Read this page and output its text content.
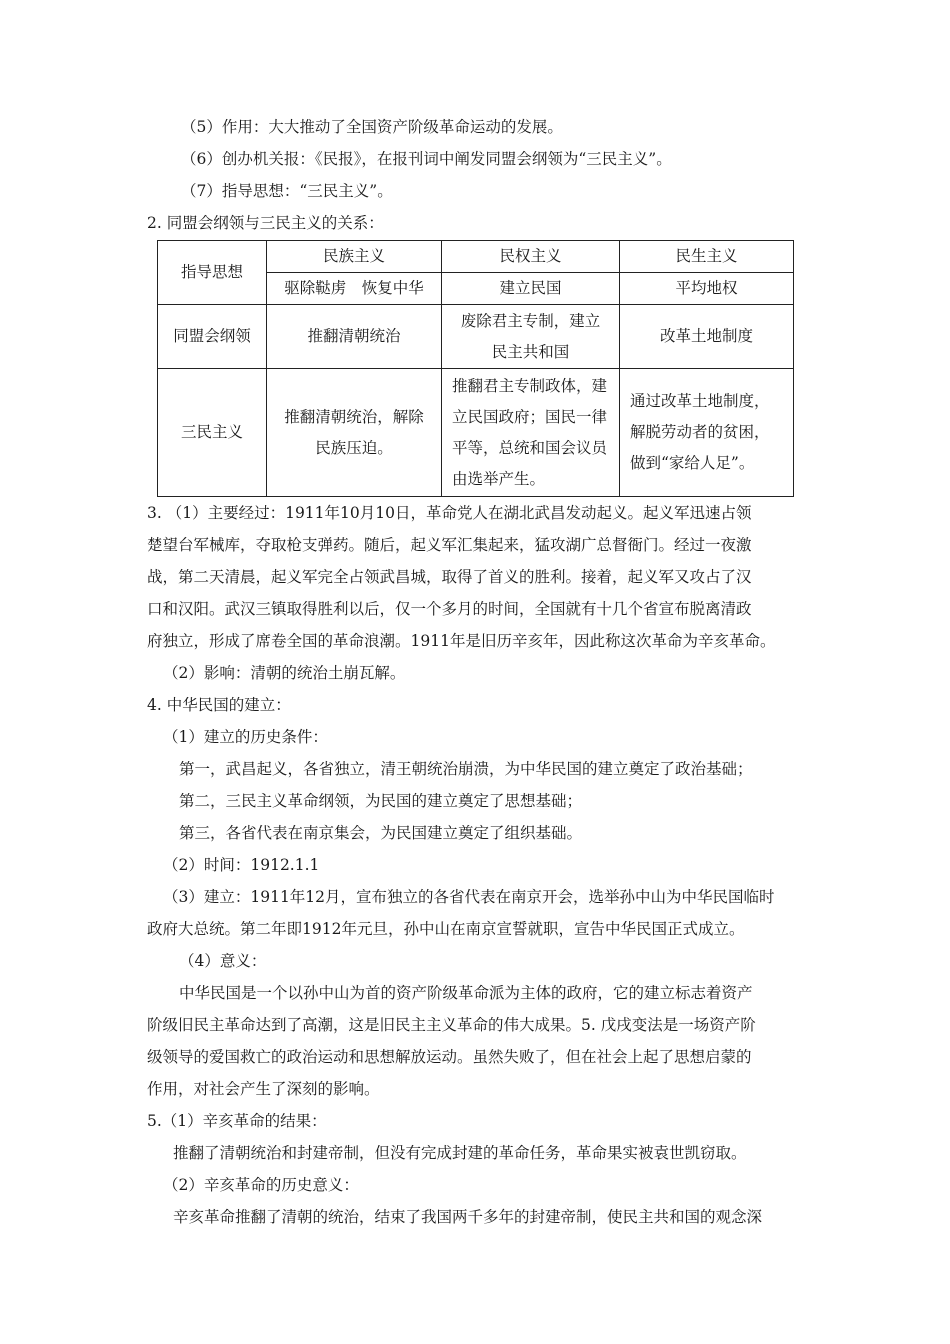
（5）作用：大大推动了全国资产阶级革命运动的发展。
（6）创办机关报：《民报》，在报刊词中阐发同盟会纲领为“三民主义”。
（7）指导思想：“三民主义”。
2. 同盟会纲领与三民主义的关系：
指导思想	民族主义	民权主义	民生主义
	驱除鞑虏　恢复中华	建立民国	平均地权
同盟会纲领	推翻清朝统治	废除君主专制，建立民主共和国	改革土地制度
三民主义	推翻清朝统治，解除民族压迫。	推翻君主专制政体，建立民国政府；国民一律平等，总统和国会议员由选举产生。	通过改革土地制度，解脱劳动者的贫困，做到“家给人足”。
3. （1）主要经过：1911年10月10日，革命党人在湖北武昌发动起义。起义军迅速占领
楚望台军械库，夺取枪支弹药。随后，起义军汇集起来，猛攻湖广总督衙门。经过一夜激
战，第二天清晨，起义军完全占领武昌城，取得了首义的胜利。接着，起义军又攻占了汉
口和汉阳。武汉三镇取得胜利以后，仅一个多月的时间，全国就有十几个省宣布脱离清政
府独立，形成了席卷全国的革命浪潮。1911年是旧历辛亥年，因此称这次革命为辛亥革命。
（2）影响：清朝的统治土崩瓦解。
4. 中华民国的建立：
（1）建立的历史条件：
第一，武昌起义，各省独立，清王朝统治崩溃，为中华民国的建立奠定了政治基础；
第二，三民主义革命纲领，为民国的建立奠定了思想基础；
第三，各省代表在南京集会，为民国建立奠定了组织基础。
（2）时间：1912.1.1
（3）建立：1911年12月，宣布独立的各省代表在南京开会，选举孙中山为中华民国临时
政府大总统。第二年即1912年元旦，孙中山在南京宣誓就职，宣告中华民国正式成立。
（4）意义：
中华民国是一个以孙中山为首的资产阶级革命派为主体的政府，它的建立标志着资产
阶级旧民主革命达到了高潮，这是旧民主主义革命的伟大成果。5. 戊戌变法是一场资产阶
级领导的爱国救亡的政治运动和思想解放运动。虽然失败了，但在社会上起了思想启蒙的
作用，对社会产生了深刻的影响。
5.（1）辛亥革命的结果：
推翻了清朝统治和封建帝制，但没有完成封建的革命任务，革命果实被袁世凯窃取。
（2）辛亥革命的历史意义：
辛亥革命推翻了清朝的统治，结束了我国两千多年的封建帝制，使民主共和国的观念深
